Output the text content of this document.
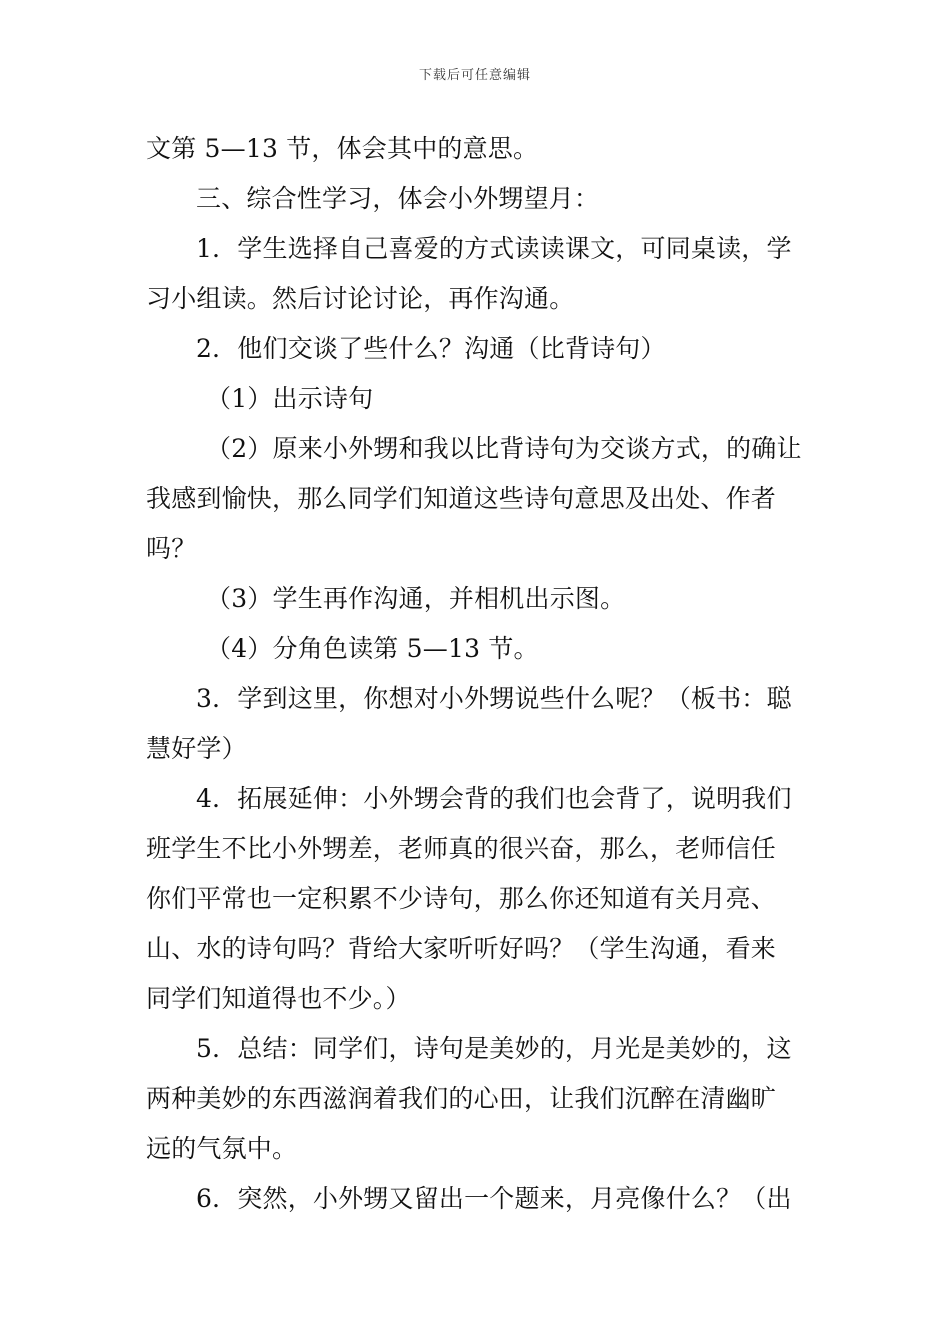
下载后可任意编辑
文第 5—13 节，体会其中的意思。
三、综合性学习，体会小外甥望月：
1．学生选择自己喜爱的方式读读课文，可同桌读，学
习小组读。然后讨论讨论，再作沟通。
2．他们交谈了些什么？沟通（比背诗句）
（1）出示诗句
（2）原来小外甥和我以比背诗句为交谈方式，的确让
我感到愉快，那么同学们知道这些诗句意思及出处、作者
吗？
（3）学生再作沟通，并相机出示图。
（4）分角色读第 5—13 节。
3．学到这里，你想对小外甥说些什么呢？（板书：聪
慧好学）
4．拓展延伸：小外甥会背的我们也会背了，说明我们
班学生不比小外甥差，老师真的很兴奋，那么，老师信任
你们平常也一定积累不少诗句，那么你还知道有关月亮、
山、水的诗句吗？背给大家听听好吗？（学生沟通，看来
同学们知道得也不少。）
5．总结：同学们，诗句是美妙的，月光是美妙的，这
两种美妙的东西滋润着我们的心田，让我们沉醉在清幽旷
远的气氛中。
6．突然，小外甥又留出一个题来，月亮像什么？（出
